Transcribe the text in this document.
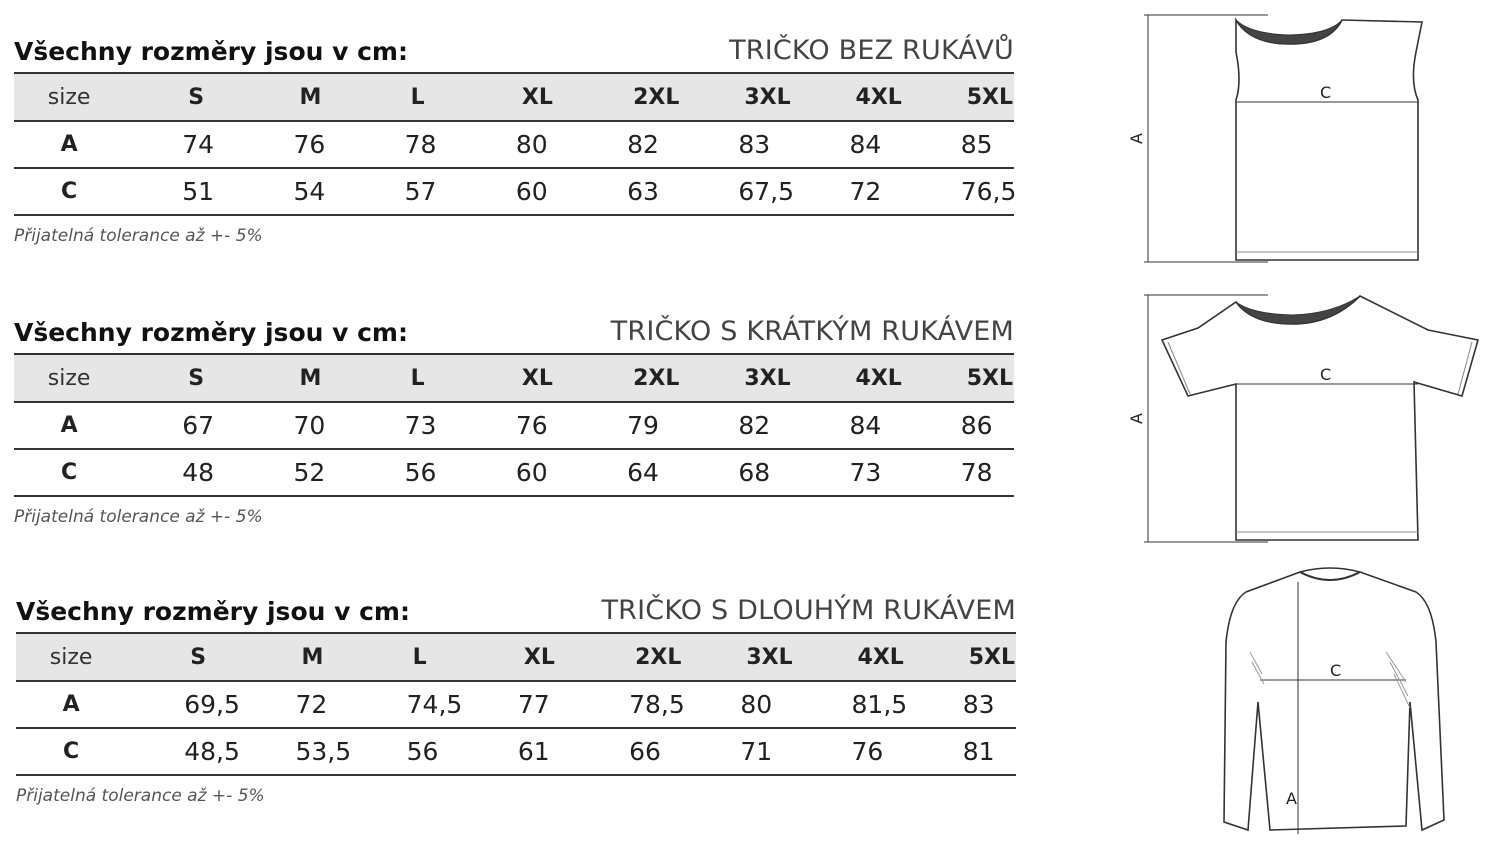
Všechny rozměry jsou v cm:	TRIČKO BEZ RUKÁVŮ
size	S	M	L	XL	2XL	3XL	4XL	5XL
A	74	76	78	80	82	83	84	85
C	51	54	57	60	63	67,5	72	76,5
Přijatelná tolerance až +- 5%
Všechny rozměry jsou v cm:	TRIČKO S KRÁTKÝM RUKÁVEM
size	S	M	L	XL	2XL	3XL	4XL	5XL
A	67	70	73	76	79	82	84	86
C	48	52	56	60	64	68	73	78
Přijatelná tolerance až +- 5%
Všechny rozměry jsou v cm:	TRIČKO S DLOUHÝM RUKÁVEM
size	S	M	L	XL	2XL	3XL	4XL	5XL
A	69,5	72	74,5	77	78,5	80	81,5	83
C	48,5	53,5	56	61	66	71	76	81
Přijatelná tolerance až +- 5%
C
A
C
A
C
A
